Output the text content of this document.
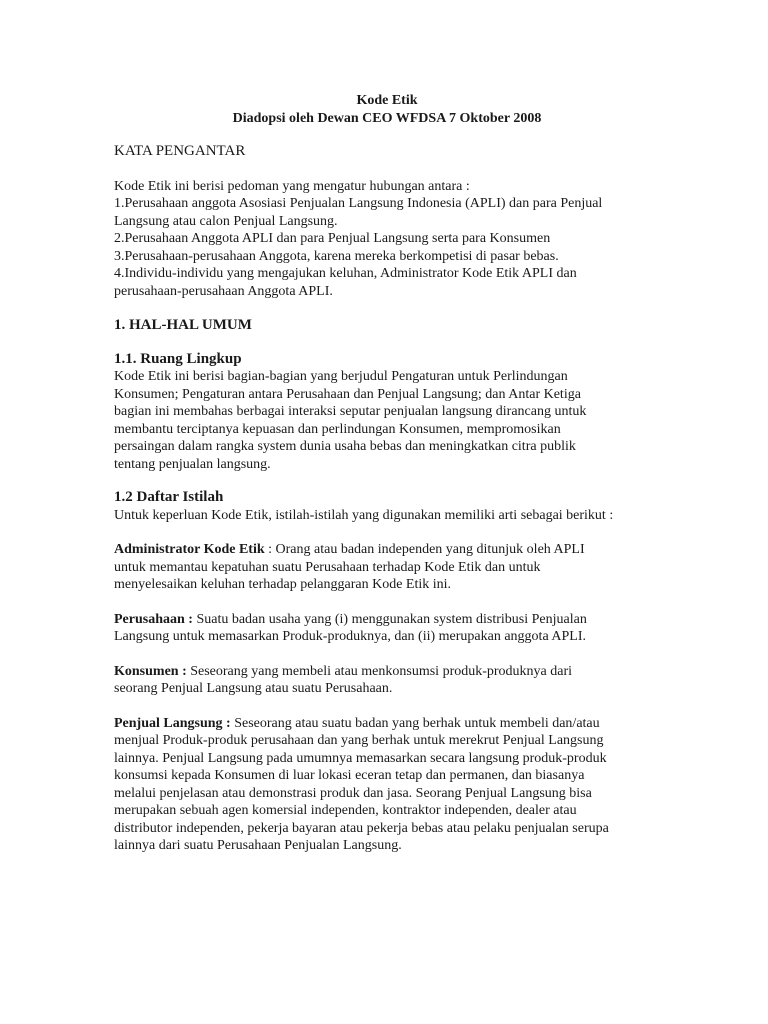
Kode Etik
Diadopsi oleh Dewan CEO WFDSA 7 Oktober 2008
KATA PENGANTAR
Kode Etik ini berisi pedoman yang mengatur hubungan antara :
1.Perusahaan anggota Asosiasi Penjualan Langsung Indonesia (APLI) dan para Penjual
Langsung atau calon Penjual Langsung.
2.Perusahaan Anggota APLI dan para Penjual Langsung serta para Konsumen
3.Perusahaan-perusahaan Anggota, karena mereka berkompetisi di pasar bebas.
4.Individu-individu yang mengajukan keluhan, Administrator Kode Etik APLI dan
perusahaan-perusahaan Anggota APLI.
1. HAL-HAL UMUM
1.1. Ruang Lingkup
Kode Etik ini berisi bagian-bagian yang berjudul Pengaturan untuk Perlindungan
Konsumen; Pengaturan antara Perusahaan dan Penjual Langsung; dan Antar Ketiga
bagian ini membahas berbagai interaksi seputar penjualan langsung dirancang untuk
membantu terciptanya kepuasan dan perlindungan Konsumen, mempromosikan
persaingan dalam rangka system dunia usaha bebas dan meningkatkan citra publik
tentang penjualan langsung.
1.2 Daftar Istilah
Untuk keperluan Kode Etik, istilah-istilah yang digunakan memiliki arti sebagai berikut :
Administrator Kode Etik : Orang atau badan independen yang ditunjuk oleh APLI
untuk memantau kepatuhan suatu Perusahaan terhadap Kode Etik dan untuk
menyelesaikan keluhan terhadap pelanggaran Kode Etik ini.
Perusahaan : Suatu badan usaha yang (i) menggunakan system distribusi Penjualan
Langsung untuk memasarkan Produk-produknya, dan (ii) merupakan anggota APLI.
Konsumen : Seseorang yang membeli atau menkonsumsi produk-produknya dari
seorang Penjual Langsung atau suatu Perusahaan.
Penjual Langsung : Seseorang atau suatu badan yang berhak untuk membeli dan/atau
menjual Produk-produk perusahaan dan yang berhak untuk merekrut Penjual Langsung
lainnya. Penjual Langsung pada umumnya memasarkan secara langsung produk-produk
konsumsi kepada Konsumen di luar lokasi eceran tetap dan permanen, dan biasanya
melalui penjelasan atau demonstrasi produk dan jasa. Seorang Penjual Langsung bisa
merupakan sebuah agen komersial independen, kontraktor independen, dealer atau
distributor independen, pekerja bayaran atau pekerja bebas atau pelaku penjualan serupa
lainnya dari suatu Perusahaan Penjualan Langsung.
